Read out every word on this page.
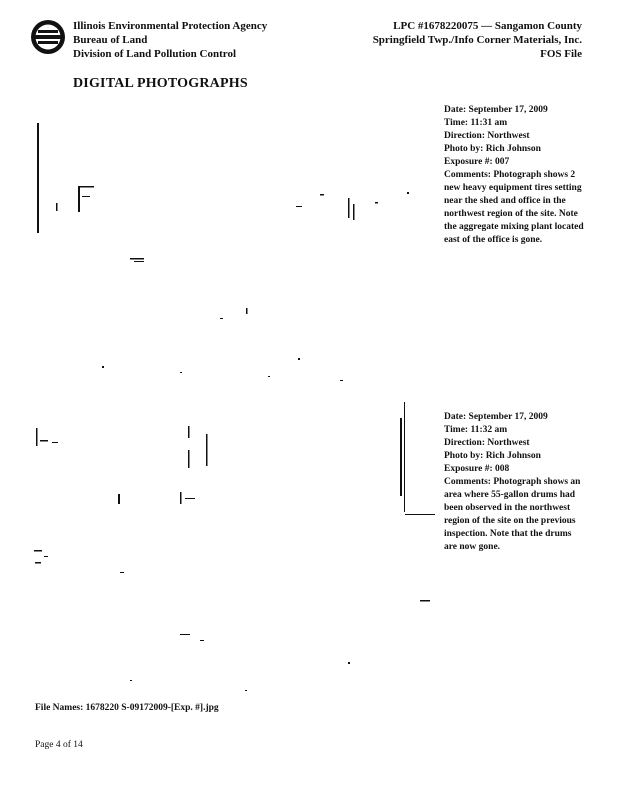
Illinois Environmental Protection Agency
Bureau of Land
Division of Land Pollution Control
LPC #1678220075 — Sangamon County
Springfield Twp./Info Corner Materials, Inc.
FOS File
DIGITAL PHOTOGRAPHS
Date: September 17, 2009
Time: 11:31 am
Direction: Northwest
Photo by: Rich Johnson
Exposure #: 007
Comments: Photograph shows 2 new heavy equipment tires setting near the shed and office in the northwest region of the site. Note the aggregate mixing plant located east of the office is gone.
Date: September 17, 2009
Time: 11:32 am
Direction: Northwest
Photo by: Rich Johnson
Exposure #: 008
Comments: Photograph shows an area where 55-gallon drums had been observed in the northwest region of the site on the previous inspection. Note that the drums are now gone.
File Names: 1678220 S-09172009-[Exp. #].jpg
Page 4 of 14
